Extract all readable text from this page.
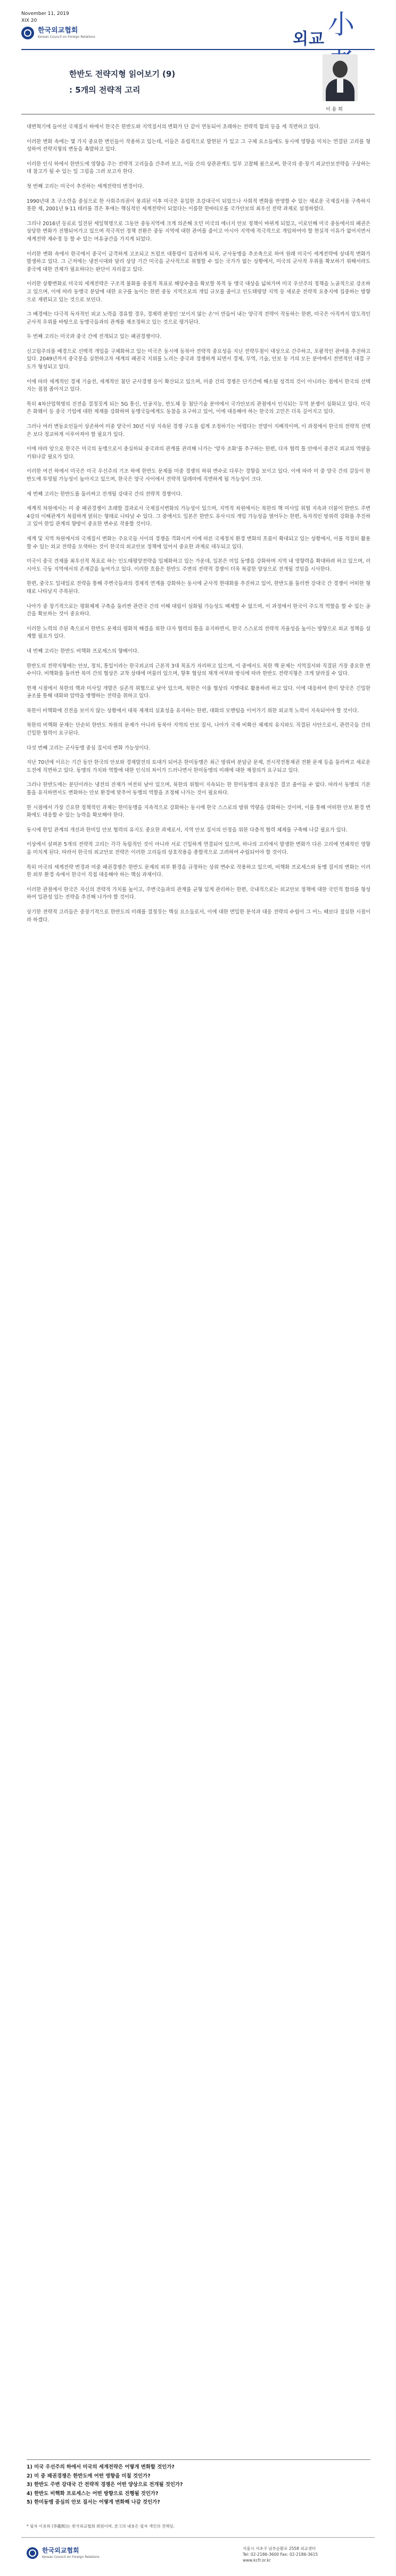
November 11, 2019
XIX 20
한국외교협회
Korean Council on Foreign Relations	외교 小
한반도 전략지형 읽어보기 (9)
: 5개의 전략적 고리
이 용 희

대변혁기에 들어선 국제질서 하에서 한국은 한반도와 지역질서의 변화가 단 같이 연동되어 초래하는 전략적 함의 등을 세 직면하고 있다.

이러한 변화 속에는 몇 가지 중요한 변인들이 작용하고 있는데, 이들은 유럽적으로 발현된 가 있고 그 구체 요소들에도 동시에 영향을 미치는 연결된 고리를 형성하여 전략지형의 변동을 촉발하고 있다.

이러한 인식 하에서 한반도에 영향을 주는 전략적 고리들을 간추려 보고, 이들 간의 상관관계도 일부 고찰해 봄으로써, 한국의 중·장기 외교안보전략을 구상하는데 참고가 될 수 있는 일 그림을 그려 보고자 한다.

첫 번째 고리는 미국이 추진하는 세계전략의 변경이다.

1990년대 초 구소련을 중심으로 한 사회주의권이 붕괴된 이후 미국은 유일한 초강대국이 되었으나 사회적 변화를 반영할 수 있는 새로운 국제질서를 구축하지 못한 채, 2001년 9·11 테러를 겪은 후에는 핵심적인 세계전략이 되었다는 이름한 한바티오를 국가안보의 최우선 전략 과제로 설정하였다.

그리나 2016년 등로로 일진된 세일혁명으로 그동안 중동지역에 크게 의존해 오던 미국의 에너지 안보 정책이 바뀌게 되었고, 이로인해 미국 중동에서의 패권은 상당한 변화가 진행되어가고 있으며 적극적인 정책 전환은 중동 지역에 대한 관여를 줄이고 아시아 지역에 적극적으로 개입하여야 할 현실적 이유가 없어지면서 세계전략 재수정 등 할 수 있는 여유공간을 가지게 되었다.

이러한 변화 속에서 한국에서 중국이 급격하게 고조되고 트럼프 대통령이 집권하게 되자, 군사동맹을 추조축으로 하여 원래 미국이 세계전략에 상대적 변화가 발생하고 있다. 그 근저에는 냉전시대와 달리 상당 기간 미국을 군사적으로 위협할 수 있는 국가가 없는 상황에서, 미국의 군사적 우위를 확보하기 위해서라도 중국에 대한 견제가 필요하다는 판단이 자리잡고 있다.

이러한 상황변화로 미국의 세계전략은 구조적 불화를 중점적 목표로 해당수출을 확보할 목적 동 맹국 대상을 넓혀가며 미국 우선주의 정책을 노골적으로 강조하고 있으며, 이에 따라 동맹국 분담에 대한 요구를 높이는 한편 중동 지역으로의 개입 규모를 줄이고 인도태평양 지역 등 새로운 전략적 요충지에 집중하는 방향으로 재편되고 있는 것으로 보인다.

그 배경에는 다극적 독자적인 외교 노력을 경유할 경우, 경제력 판정인 '보이지 않는 손'이 만들어 내는 양극적 전략이 작동하는 한편, 미국은 아직까지 압도적인 군사적 우위를 바탕으로 동맹국들과의 관계를 재조정하고 있는 것으로 평가된다.

두 번째 고리는 미국과 중국 간에 전개되고 있는 패권경쟁이다.

신고립주의를 배경으로 선택적 개입을 구체화하고 있는 미국은 동시에 동북아 전략적 중요성을 지닌 전략무점이 대상으로 간주하고, 포괄적인 관여를 추진하고 있다. 2049년까지 중국몽을 실현하고자 세계의 패권국 지위를 노리는 중국과 경쟁하게 되면서 경제, 무역, 기술, 안보 등 거의 모든 분야에서 전면적인 대결 구도가 형성되고 있다.

이에 따라 세계적인 경제 기술전, 세계적인 첨단 군사경쟁 등이 확산되고 있으며, 미중 간의 경쟁은 단기간에 해소될 성격의 것이 아니라는 점에서 한국의 선택지는 점점 좁아지고 있다.

특히 4차산업혁명의 진전을 결정짓게 되는 5G 통신, 인공지능, 반도체 등 첨단기술 분야에서 국가안보의 관점에서 인식되는 무역 분쟁이 심화되고 있다. 미국은 화웨이 등 중국 기업에 대한 제재를 강화하며 동맹국들에게도 동참을 요구하고 있어, 이에 대응해야 하는 한국의 고민은 더욱 깊어지고 있다.

그러나 여러 변동요인들이 상존하여 미중 양국이 30년 이상 지속된 경쟁 구도를 쉽게 조정하기는 어렵다는 전망이 지배적이며, 이 과정에서 한국의 전략적 선택은 보다 정교하게 이루어져야 할 필요가 있다.

이에 따라 앞으로 한국은 미국의 동맹으로서 충실하되 중국과의 관계를 관리해 나가는 '양자 조화'를 추구하는 한편, 다자 협력 틀 안에서 중견국 외교의 역량을 키워나갈 필요가 있다.

이러한 여건 하에서 미국은 미국 우선주의 기조 하에 한반도 문제를 미중 경쟁의 하위 변수로 다루는 경향을 보이고 있다. 이에 따라 미 중 양국 간의 갈등이 한반도에 투영될 가능성이 높아지고 있으며, 한국은 양국 사이에서 전략적 딜레마에 직면하게 될 가능성이 크다.

세 번째 고리는 한반도를 둘러싸고 전개될 강대국 간의 전략적 경쟁이다.

세계적 차원에서는 미 중 패권경쟁이 초래할 결과로서 국제질서변화의 가능성이 있으며, 지역적 차원에서는 북한의 핵 미사일 위협 지속과 더불어 한반도 주변 4강의 이해관계가 복잡하게 얽히는 형태로 나타날 수 있다. 그 중에서도 일본은 한반도 유사시의 개입 가능성을 열어두는 한편, 독자적인 방위력 강화를 추진하고 있어 한일 관계의 향방이 중요한 변수로 작용할 것이다.

세계 및 지역 차원에서의 국제질서 변화는 주요국들 사이의 경쟁을 격화시켜 이에 따른 국제정치 환경 변화의 흐름이 확대되고 있는 상황에서, 이를 적절히 활용할 수 있는 외교 전략을 모색하는 것이 한국의 외교안보 정책에 있어서 중요한 과제로 대두되고 있다.

미국이 중국 견제를 최우선적 목표로 하는 인도태평양전략을 입체화하고 있는 가운데, 일본은 미일 동맹을 강화하며 지역 내 영향력을 확대하려 하고 있으며, 러시아도 극동 지역에서의 존재감을 높여가고 있다. 이러한 흐름은 한반도 주변의 전략적 경쟁이 더욱 복잡한 양상으로 전개될 것임을 시사한다.

한편, 중국도 일대일로 전략을 통해 주변국들과의 경제적 연계를 강화하는 동시에 군사적 현대화를 추진하고 있어, 한반도를 둘러싼 강대국 간 경쟁이 어떠한 형태로 나타날지 주목된다.

나아가 중 장기적으로는 평화체제 구축을 둘러싼 관련국 간의 이해 대립이 심화될 가능성도 배제할 수 없으며, 이 과정에서 한국이 주도적 역할을 할 수 있는 공간을 확보하는 것이 중요하다.

이러한 노력의 주된 축으로서 한반도 문제의 평화적 해결을 위한 다자 협력의 틀을 유지하면서, 한국 스스로의 전략적 자율성을 높이는 방향으로 외교 정책을 설계할 필요가 있다.

네 번째 고리는 한반도 비핵화 프로세스의 향배이다.

한반도의 전략지형에는 안보, 정치, 통일이라는 한국외교의 근본적 3대 목표가 자리하고 있으며, 이 중에서도 북한 핵 문제는 지역질서와 직결된 가장 중요한 변수이다. 비핵화를 둘러싼 북미 간의 협상은 교착 상태에 머물러 있으며, 향후 협상의 재개 여부와 방식에 따라 한반도 전략지형은 크게 달라질 수 있다.

현재 시점에서 북한의 핵과 미사일 개발은 실존적 위협으로 남아 있으며, 북한은 이를 협상의 지렛대로 활용하려 하고 있다. 이에 대응하여 한미 양국은 긴밀한 공조를 통해 대화와 압박을 병행하는 전략을 취하고 있다.

북한이 비핵화에 진전을 보이지 않는 상황에서 대북 제재의 실효성을 유지하는 한편, 대화의 모멘텀을 이어가기 위한 외교적 노력이 지속되어야 할 것이다.

북한의 비핵화 문제는 단순히 한반도 차원의 문제가 아니라 동북아 지역의 안보 질서, 나아가 국제 비확산 체제의 유지와도 직결된 사안으로서, 관련국들 간의 긴밀한 협력이 요구된다.

다섯 번째 고리는 군사동맹 중심 질서의 변화 가능성이다.

지난 70년에 이르는 기간 동안 한국의 안보와 경제발전의 토대가 되어온 한미동맹은 최근 방위비 분담금 문제, 전시작전통제권 전환 문제 등을 둘러싸고 새로운 도전에 직면하고 있다. 동맹의 가치와 역할에 대한 인식의 차이가 드러나면서 한미동맹의 미래에 대한 재정의가 요구되고 있다.

그러나 한반도에는 분단이라는 냉전의 잔재가 여전히 남아 있으며, 북한의 위협이 지속되는 한 한미동맹의 중요성은 결코 줄어들 수 없다. 따라서 동맹의 기본 틀을 유지하면서도 변화하는 안보 환경에 맞추어 동맹의 역할을 조정해 나가는 것이 필요하다.

한 시점에서 가장 긴요한 정책적인 과제는 한미동맹을 지속적으로 강화하는 동시에 한국 스스로의 방위 역량을 강화하는 것이며, 이를 통해 어떠한 안보 환경 변화에도 대응할 수 있는 능력을 확보해야 한다.

동시에 한일 관계의 개선과 한미일 안보 협력의 유지도 중요한 과제로서, 지역 안보 질서의 안정을 위한 다층적 협력 체제를 구축해 나갈 필요가 있다.

이상에서 살펴본 5개의 전략적 고리는 각각 독립적인 것이 아니라 서로 긴밀하게 연결되어 있으며, 하나의 고리에서 발생한 변화가 다른 고리에 연쇄적인 영향을 미치게 된다. 따라서 한국의 외교안보 전략은 이러한 고리들의 상호작용을 종합적으로 고려하여 수립되어야 할 것이다.

특히 미국의 세계전략 변경과 미중 패권경쟁은 한반도 문제의 외부 환경을 규정하는 상위 변수로 작용하고 있으며, 비핵화 프로세스와 동맹 질서의 변화는 이러한 외부 환경 속에서 한국이 직접 대응해야 하는 핵심 과제이다.

이러한 관점에서 한국은 자신의 전략적 가치를 높이고, 주변국들과의 관계를 균형 있게 관리하는 한편, 국내적으로는 외교안보 정책에 대한 국민적 합의를 형성하여 일관성 있는 전략을 추진해 나가야 할 것이다.

상기한 전략적 고리들은 중장기적으로 한반도의 미래를 결정짓는 핵심 요소들로서, 이에 대한 면밀한 분석과 대응 전략의 수립이 그 어느 때보다 절실한 시점이라 하겠다.

1) 미국 우선주의 하에서 미국의 세계전략은 어떻게 변화할 것인가?

2) 미 중 패권경쟁은 한반도에 어떤 영향을 미칠 것인가?

3) 한반도 주변 강대국 간 전략적 경쟁은 어떤 양상으로 전개될 것인가?

4) 한반도 비핵화 프로세스는 어떤 방향으로 진행될 것인가?

5) 한미동맹 중심의 안보 질서는 어떻게 변화해 나갈 것인가?

* 필자 이용희 (李龍熙)는 한국외교협회 회원이며, 본고의 내용은 필자 개인의 견해임.
한국외교협회
Korean Council on Foreign Relations
서울시 서초구 남부순환로 2558 외교센터
Tel: 02-2186-3600 Fax: 02-2186-3615
www.kcfr.or.kr
